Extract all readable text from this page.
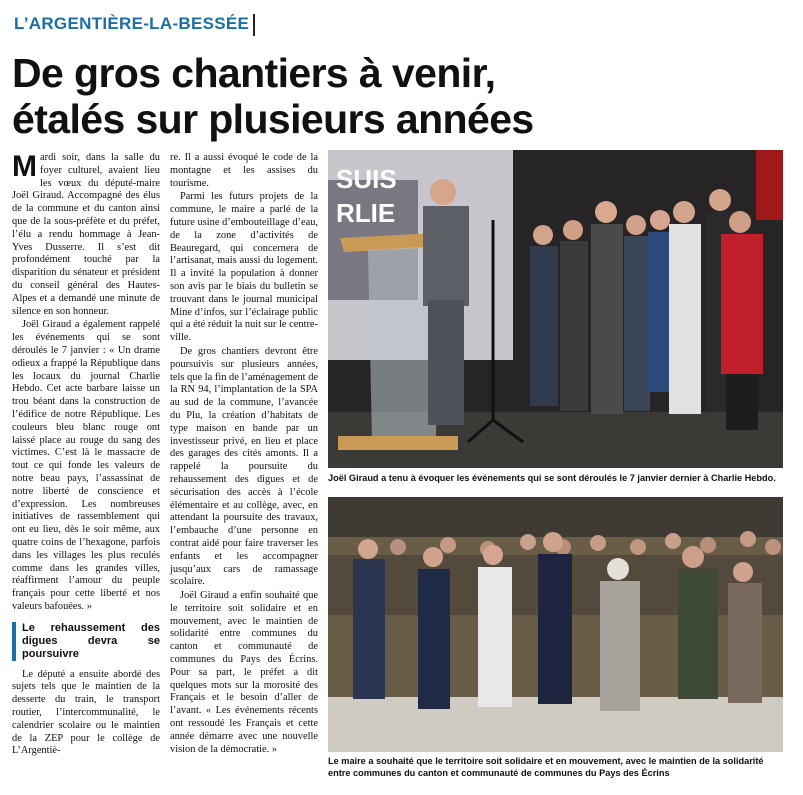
L’ARGENTIÈRE-LA-BESSÉE
De gros chantiers à venir,
étalés sur plusieurs années

Mardi soir, dans la salle du foyer culturel, avaient lieu les vœux du député-maire Joël Giraud. Accompagné des élus de la commune et du canton ainsi que de la sous-préfète et du préfet, l’élu a rendu hommage à Jean-Yves Dusserre. Il s’est dit profondément touché par la disparition du sénateur et président du conseil général des Hautes-Alpes et a demandé une minute de silence en son honneur.

Joël Giraud a également rappelé les événements qui se sont déroulés le 7 janvier : « Un drame odieux a frappé la République dans les locaux du journal Charlie Hebdo. Cet acte barbare laisse un trou béant dans la construction de l’édifice de notre République. Les couleurs bleu blanc rouge ont laissé place au rouge du sang des victimes. C’est là le massacre de tout ce qui fonde les valeurs de notre beau pays, l’assassinat de notre liberté de conscience et d’expression. Les nombreuses initiatives de rassemblement qui ont eu lieu, dès le soir même, aux quatre coins de l’hexagone, parfois dans les villages les plus reculés comme dans les grandes villes, réaffirment l’amour du peuple français pour cette liberté et nos valeurs bafouées. »

Le rehaussement des digues devra se poursuivre

Le député a ensuite abordé des sujets tels que le maintien de la desserte du train, le transport routier, l’intercommunalité, le calendrier scolaire ou le maintien de la ZEP pour le collège de L’Argentiè-

re. Il a aussi évoqué le code de la montagne et les assises du tourisme.

Parmi les futurs projets de la commune, le maire a parlé de la future usine d’embouteillage d’eau, de la zone d’activités de Beauregard, qui concernera de l’artisanat, mais aussi du logement. Il a invité la population à donner son avis par le biais du bulletin se trouvant dans le journal municipal Mine d’infos, sur l’éclairage public qui a été réduit la nuit sur le centre-ville.

De gros chantiers devront être poursuivis sur plusieurs années, tels que la fin de l’aménagement de la RN 94, l’implantation de la SPA au sud de la commune, l’avancée du Plu, la création d’habitats de type maison en bande par un investisseur privé, en lieu et place des garages des cités amonts. Il a rappelé la poursuite du rehaussement des digues et de sécurisation des accès à l’école élémentaire et au collège, avec, en attendant la poursuite des travaux, l’embauche d’une personne en contrat aidé pour faire traverser les enfants et les accompagner jusqu’aux cars de ramassage scolaire.

Joël Giraud a enfin souhaité que le territoire soit solidaire et en mouvement, avec le maintien de solidarité entre communes du canton et communauté de communes du Pays des Écrins. Pour sa part, le préfet a dit quelques mots sur la morosité des Français et le besoin d’aller de l’avant. « Les événements récents ont ressoudé les Français et cette année démarre avec une nouvelle vision de la démocratie. »

SUIS
RLIE
Joël Giraud a tenu à évoquer les événements qui se sont déroulés le 7 janvier dernier à Charlie Hebdo.
Le maire a souhaité que le territoire soit solidaire et en mouvement, avec le maintien de la solidarité entre communes du canton et communauté de communes du Pays des Écrins
